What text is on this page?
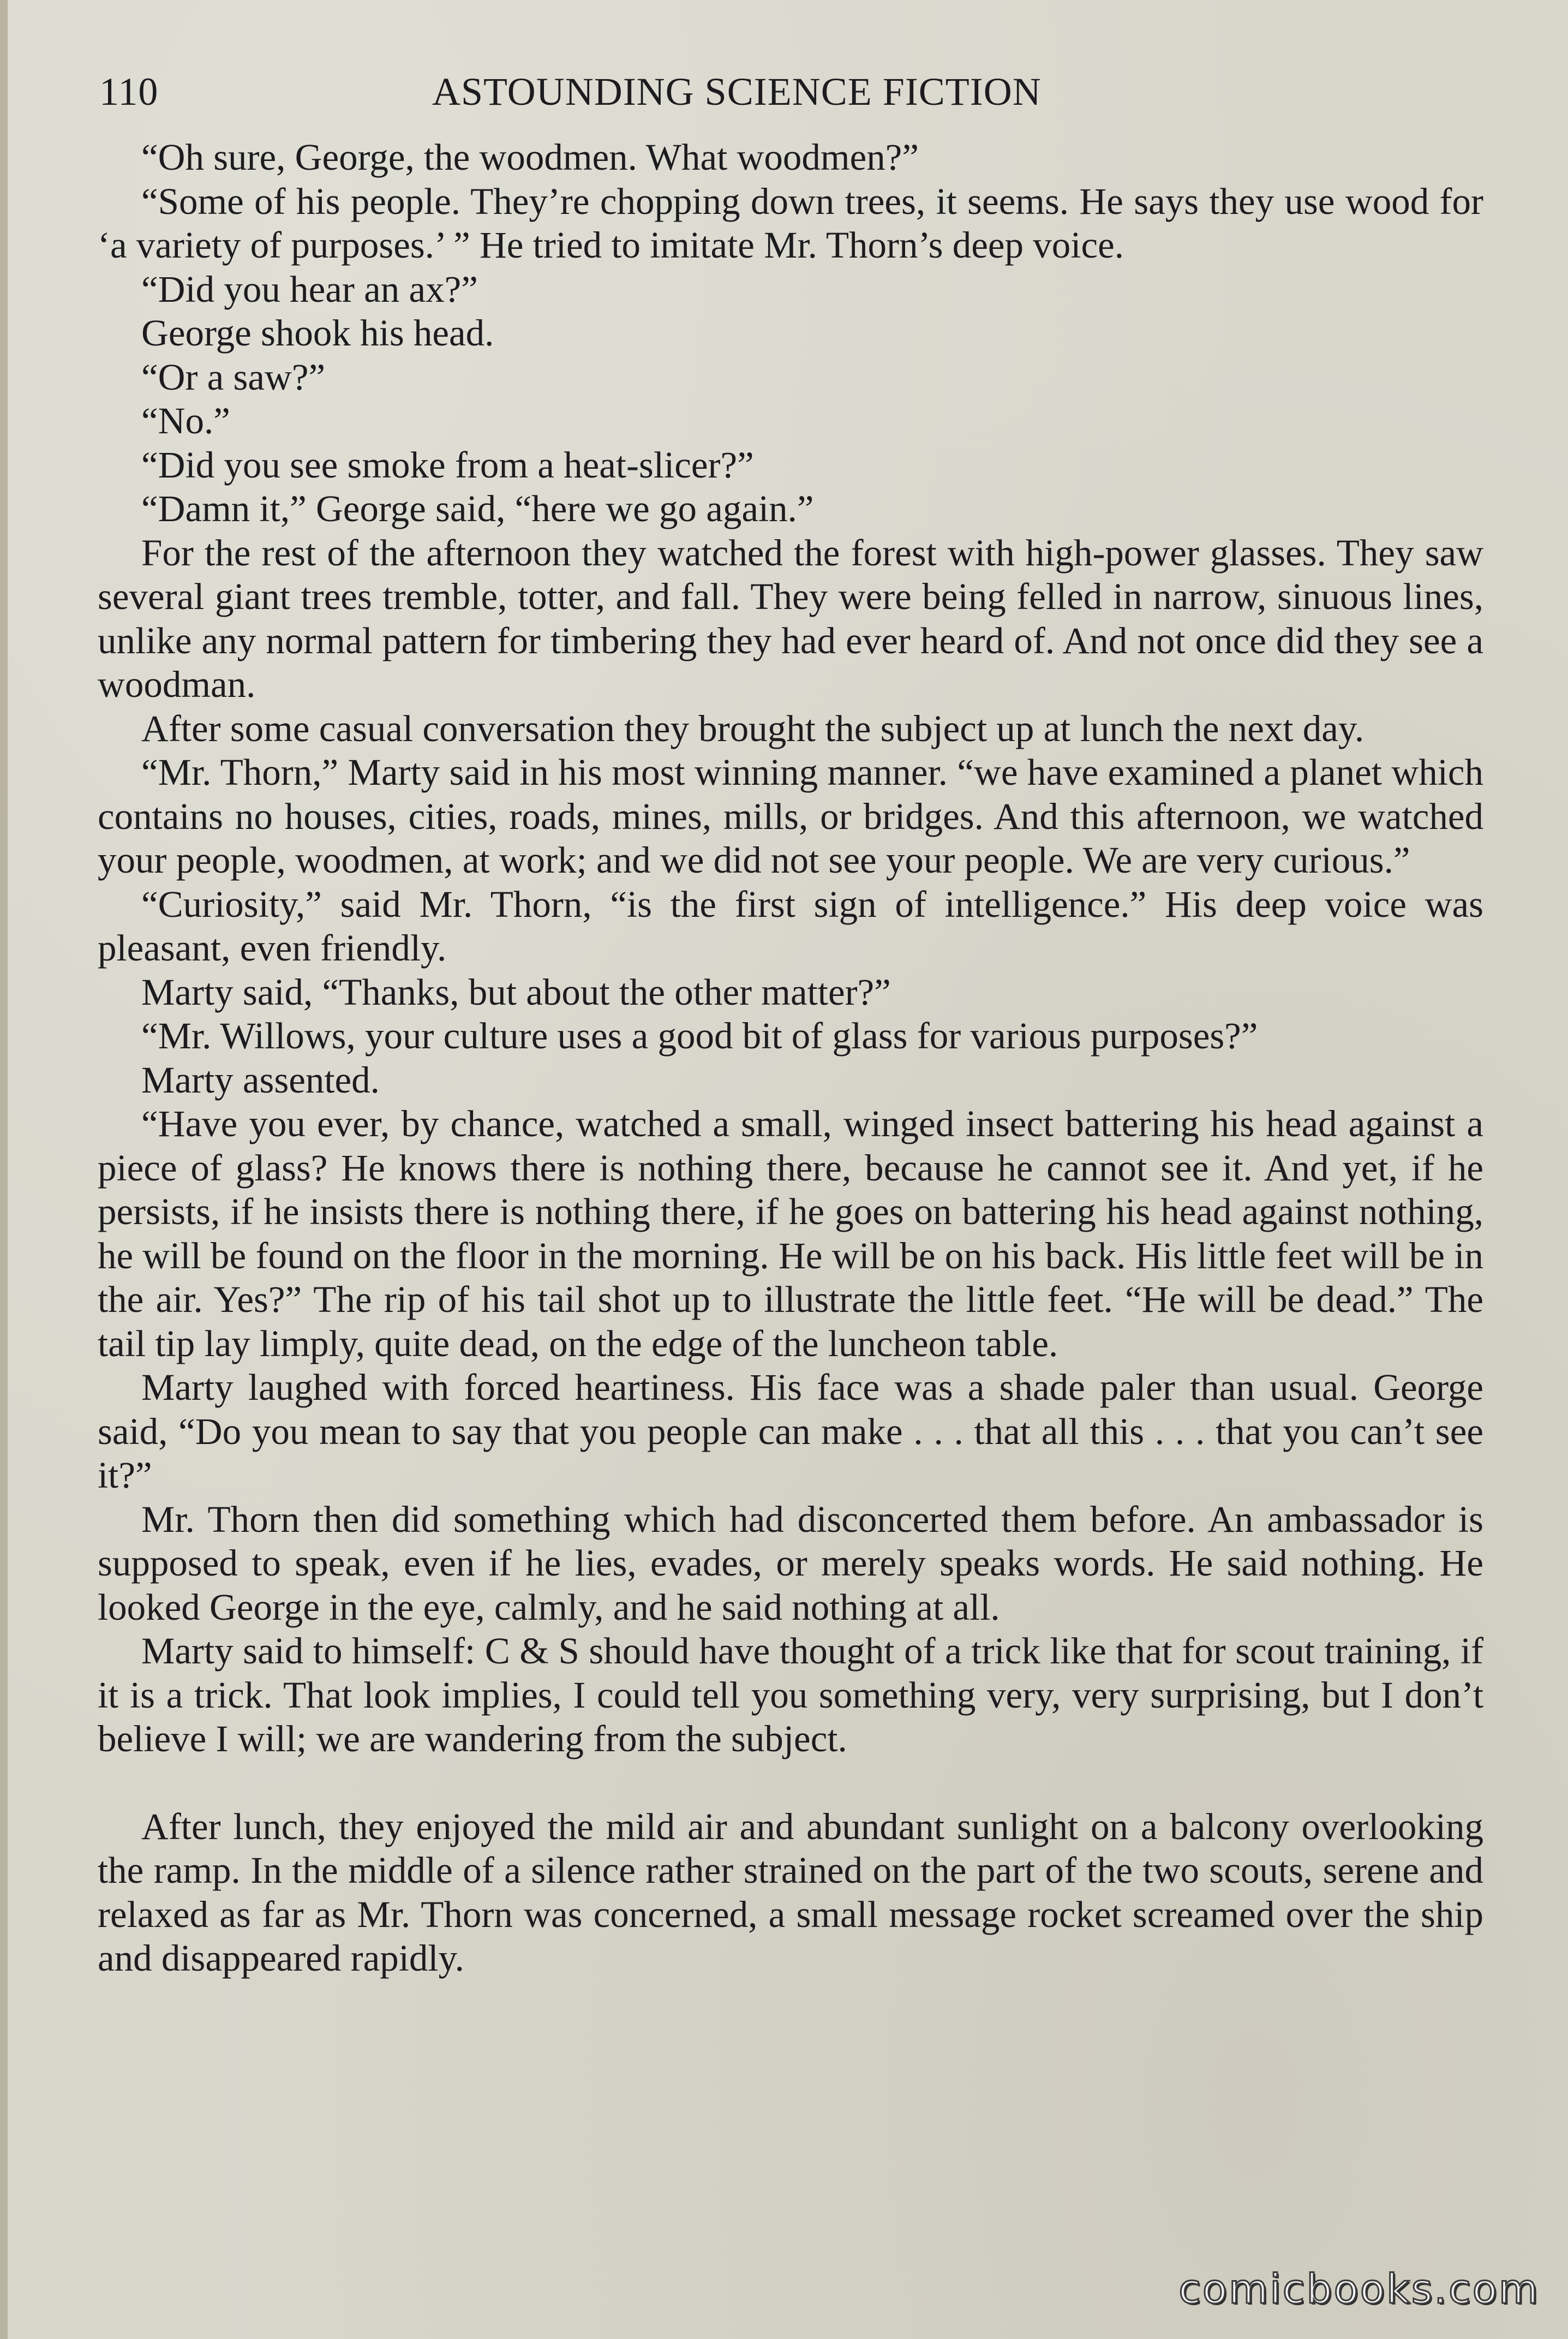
110	ASTOUNDING SCIENCE FICTION

“Oh sure, George, the woodmen. What woodmen?”

“Some of his people. They’re chopping down trees, it seems. He says they use wood for ‘a variety of purposes.’ ” He tried to imitate Mr. Thorn’s deep voice.

“Did you hear an ax?”

George shook his head.

“Or a saw?”

“No.”

“Did you see smoke from a heat-slicer?”

“Damn it,” George said, “here we go again.”

For the rest of the afternoon they watched the forest with high-power glasses. They saw several giant trees tremble, totter, and fall. They were being felled in narrow, sinuous lines, unlike any normal pattern for timbering they had ever heard of. And not once did they see a woodman.

After some casual conversation they brought the subject up at lunch the next day.

“Mr. Thorn,” Marty said in his most winning manner. “we have examined a planet which contains no houses, cities, roads, mines, mills, or bridges. And this afternoon, we watched your people, woodmen, at work; and we did not see your people. We are very curious.”

“Curiosity,” said Mr. Thorn, “is the first sign of intelligence.” His deep voice was pleasant, even friendly.

Marty said, “Thanks, but about the other matter?”

“Mr. Willows, your culture uses a good bit of glass for various purposes?”

Marty assented.

“Have you ever, by chance, watched a small, winged insect battering his head against a piece of glass? He knows there is nothing there, because he cannot see it. And yet, if he persists, if he insists there is nothing there, if he goes on battering his head against nothing, he will be found on the floor in the morning. He will be on his back. His little feet will be in the air. Yes?” The rip of his tail shot up to illustrate the little feet. “He will be dead.” The tail tip lay limply, quite dead, on the edge of the luncheon table.

Marty laughed with forced heartiness. His face was a shade paler than usual. George said, “Do you mean to say that you people can make . . . that all this . . . that you can’t see it?”

Mr. Thorn then did something which had disconcerted them before. An ambassador is supposed to speak, even if he lies, evades, or merely speaks words. He said nothing. He looked George in the eye, calmly, and he said nothing at all.

Marty said to himself: C & S should have thought of a trick like that for scout training, if it is a trick. That look implies, I could tell you something very, very surprising, but I don’t believe I will; we are wandering from the subject.

After lunch, they enjoyed the mild air and abundant sunlight on a balcony overlooking the ramp. In the middle of a silence rather strained on the part of the two scouts, serene and relaxed as far as Mr. Thorn was concerned, a small message rocket screamed over the ship and disappeared rapidly.

comicbooks.com
